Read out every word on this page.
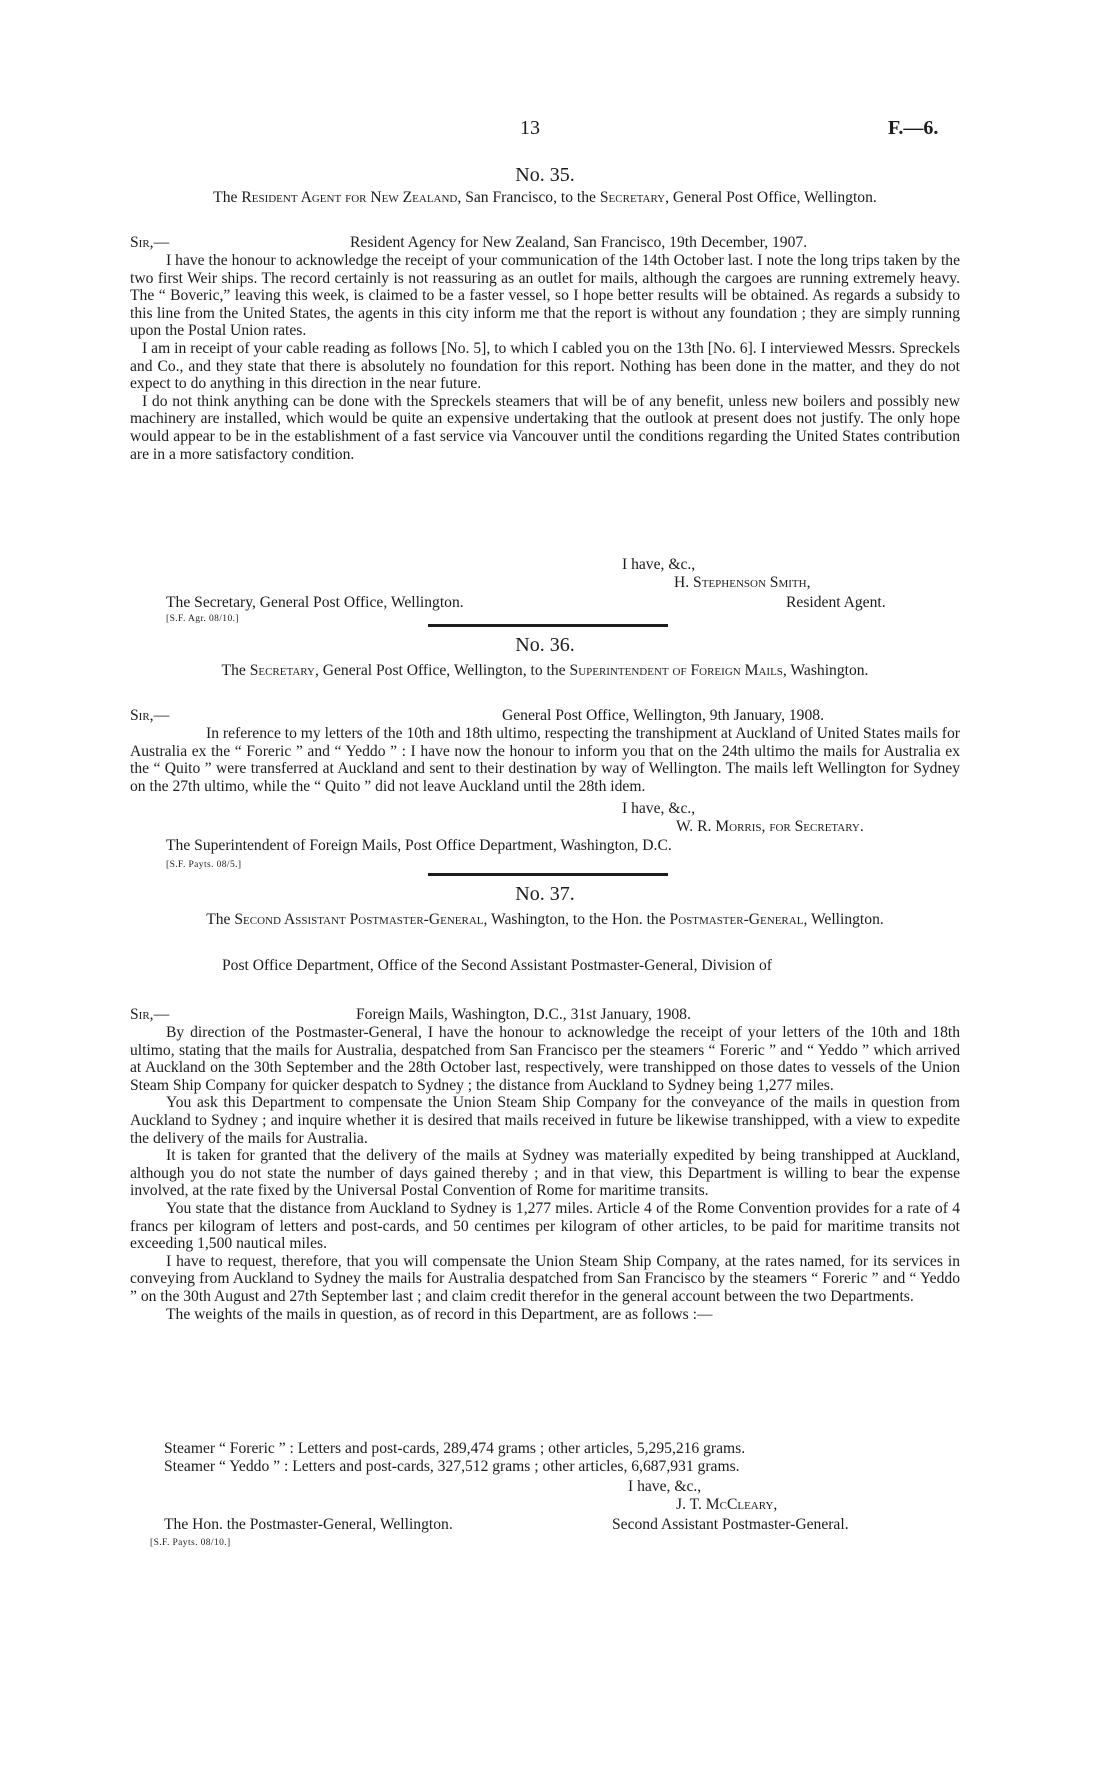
13	F.—6.
No. 35.
The Resident Agent for New Zealand, San Francisco, to the Secretary, General Post Office, Wellington.
Sir,—	Resident Agency for New Zealand, San Francisco, 19th December, 1907.

I have the honour to acknowledge the receipt of your communication of the 14th October last. I note the long trips taken by the two first Weir ships. The record certainly is not reassuring as an outlet for mails, although the cargoes are running extremely heavy. The “ Boveric,” leaving this week, is claimed to be a faster vessel, so I hope better results will be obtained. As regards a subsidy to this line from the United States, the agents in this city inform me that the report is without any foundation ; they are simply running upon the Postal Union rates.

I am in receipt of your cable reading as follows [No. 5], to which I cabled you on the 13th [No. 6]. I interviewed Messrs. Spreckels and Co., and they state that there is absolutely no foundation for this report. Nothing has been done in the matter, and they do not expect to do anything in this direction in the near future.

I do not think anything can be done with the Spreckels steamers that will be of any benefit, unless new boilers and possibly new machinery are installed, which would be quite an expensive undertaking that the outlook at present does not justify. The only hope would appear to be in the establishment of a fast service via Vancouver until the conditions regarding the United States contribution are in a more satisfactory condition.

I have, &c.,
H. Stephenson Smith,
The Secretary, General Post Office, Wellington.	Resident Agent.
[S.F. Agr. 08/10.]
No. 36.
The Secretary, General Post Office, Wellington, to the Superintendent of Foreign Mails, Washington.
Sir,—	General Post Office, Wellington, 9th January, 1908.

In reference to my letters of the 10th and 18th ultimo, respecting the transhipment at Auckland of United States mails for Australia ex the “ Foreric ” and “ Yeddo ” : I have now the honour to inform you that on the 24th ultimo the mails for Australia ex the “ Quito ” were transferred at Auckland and sent to their destination by way of Wellington. The mails left Wellington for Sydney on the 27th ultimo, while the “ Quito ” did not leave Auckland until the 28th idem.

I have, &c.,
W. R. Morris, for Secretary.
The Superintendent of Foreign Mails, Post Office Department, Washington, D.C.
[S.F. Payts. 08/5.]
No. 37.
The Second Assistant Postmaster-General, Washington, to the Hon. the Postmaster-General, Wellington.
Post Office Department, Office of the Second Assistant Postmaster-General, Division of
Sir,—	Foreign Mails, Washington, D.C., 31st January, 1908.

By direction of the Postmaster-General, I have the honour to acknowledge the receipt of your letters of the 10th and 18th ultimo, stating that the mails for Australia, despatched from San Francisco per the steamers “ Foreric ” and “ Yeddo ” which arrived at Auckland on the 30th September and the 28th October last, respectively, were transhipped on those dates to vessels of the Union Steam Ship Company for quicker despatch to Sydney ; the distance from Auckland to Sydney being 1,277 miles.

You ask this Department to compensate the Union Steam Ship Company for the conveyance of the mails in question from Auckland to Sydney ; and inquire whether it is desired that mails received in future be likewise transhipped, with a view to expedite the delivery of the mails for Australia.

It is taken for granted that the delivery of the mails at Sydney was materially expedited by being transhipped at Auckland, although you do not state the number of days gained thereby ; and in that view, this Department is willing to bear the expense involved, at the rate fixed by the Universal Postal Convention of Rome for maritime transits.

You state that the distance from Auckland to Sydney is 1,277 miles. Article 4 of the Rome Convention provides for a rate of 4 francs per kilogram of letters and post-cards, and 50 centimes per kilogram of other articles, to be paid for maritime transits not exceeding 1,500 nautical miles.

I have to request, therefore, that you will compensate the Union Steam Ship Company, at the rates named, for its services in conveying from Auckland to Sydney the mails for Australia despatched from San Francisco by the steamers “ Foreric ” and “ Yeddo ” on the 30th August and 27th September last ; and claim credit therefor in the general account between the two Departments.

The weights of the mails in question, as of record in this Department, are as follows :—

Steamer “ Foreric ” : Letters and post-cards, 289,474 grams ; other articles, 5,295,216 grams.
Steamer “ Yeddo ” : Letters and post-cards, 327,512 grams ; other articles, 6,687,931 grams.
I have, &c.,
J. T. McCleary,
The Hon. the Postmaster-General, Wellington.	Second Assistant Postmaster-General.
[S.F. Payts. 08/10.]
